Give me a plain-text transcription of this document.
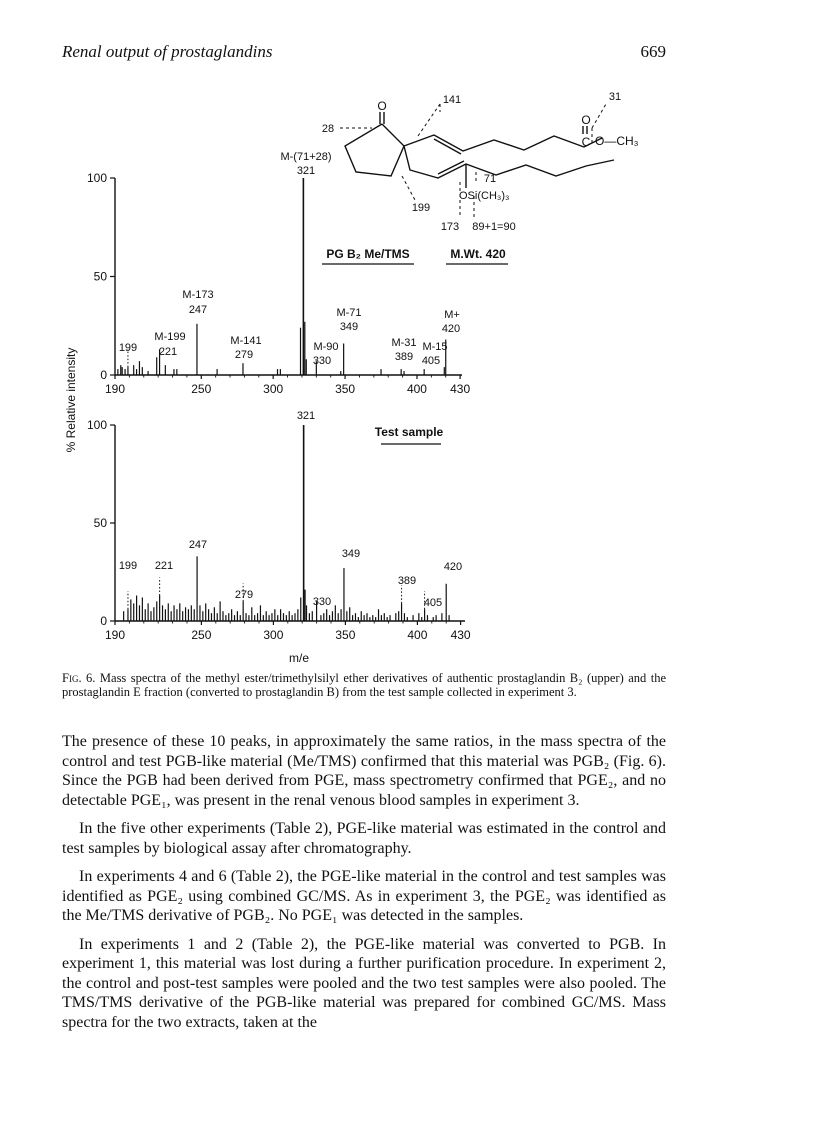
Renal output of prostaglandins	669
% Relative intensity 190	250	300	350	400 430
0
50
100
199
M-199
221
M-173
247
M-141
279
M-(71+28)
321
M-90
330
M-71
349
M-31
389
M-15
405
M+
420
O	141	31
O
C O—CH₃
28
71
OSi(CH₃)₃
199
173 89+1=90
PG B₂ Me/TMS	M.Wt. 420
190	250	300	350	400 430
0
50
100	Test sample
199 221
247
279
321
330
349
389
405
420
m/e
Fig. 6. Mass spectra of the methyl ester/trimethylsilyl ether derivatives of authentic prostaglandin B₂ (upper) and the prostaglandin E fraction (converted to prostaglandin B) from the test sample collected in experiment 3.

The presence of these 10 peaks, in approximately the same ratios, in the mass spectra of the control and test PGB-like material (Me/TMS) confirmed that this material was PGB₂ (Fig. 6). Since the PGB had been derived from PGE, mass spectrometry confirmed that PGE₂, and no detectable PGE₁, was present in the renal venous blood samples in experiment 3.

In the five other experiments (Table 2), PGE-like material was estimated in the control and test samples by biological assay after chromatography.

In experiments 4 and 6 (Table 2), the PGE-like material in the control and test samples was identified as PGE₂ using combined GC/MS. As in experiment 3, the PGE₂ was identified as the Me/TMS derivative of PGB₂. No PGE₁ was detected in the samples.

In experiments 1 and 2 (Table 2), the PGE-like material was converted to PGB. In experiment 1, this material was lost during a further purification procedure. In experiment 2, the control and post-test samples were pooled and the two test samples were also pooled. The TMS/TMS derivative of the PGB-like material was prepared for combined GC/MS. Mass spectra for the two extracts, taken at the
